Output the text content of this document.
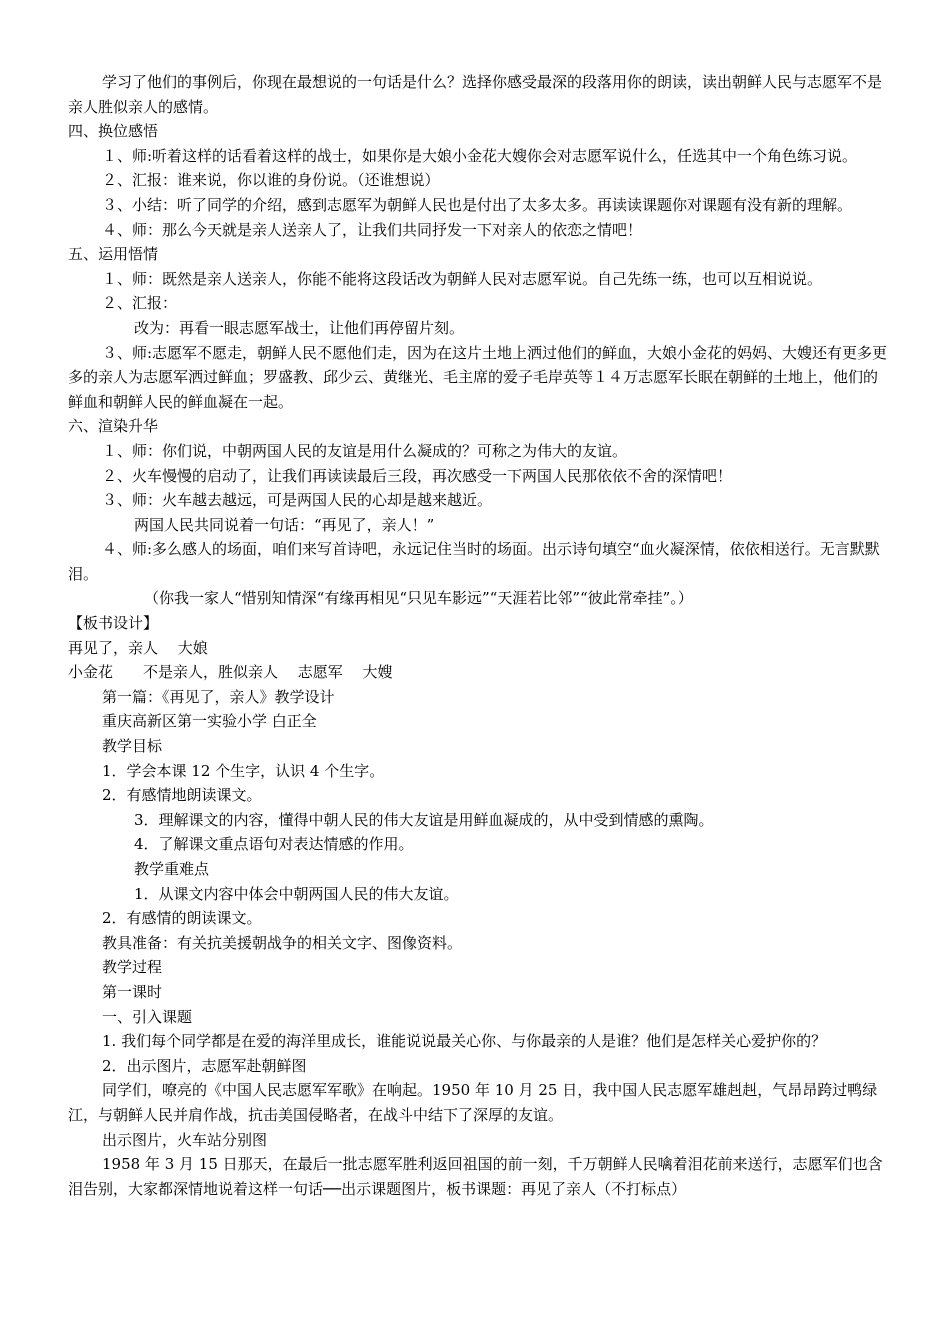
学习了他们的事例后，你现在最想说的一句话是什么？选择你感受最深的段落用你的朗读，读出朝鲜人民与志愿军不是亲人胜似亲人的感情。

四、换位感悟

１、师:听着这样的话看着这样的战士，如果你是大娘小金花大嫂你会对志愿军说什么，任选其中一个角色练习说。

２、汇报：谁来说，你以谁的身份说。（还谁想说）

３、小结：听了同学的介绍，感到志愿军为朝鲜人民也是付出了太多太多。再读读课题你对课题有没有新的理解。

４、师：那么今天就是亲人送亲人了，让我们共同抒发一下对亲人的依恋之情吧！

五、运用悟情

１、师：既然是亲人送亲人，你能不能将这段话改为朝鲜人民对志愿军说。自己先练一练，也可以互相说说。

２、汇报：

改为：再看一眼志愿军战士，让他们再停留片刻。

３、师:志愿军不愿走，朝鲜人民不愿他们走，因为在这片土地上洒过他们的鲜血，大娘小金花的妈妈、大嫂还有更多更多的亲人为志愿军洒过鲜血；罗盛教、邱少云、黄继光、毛主席的爱子毛岸英等１４万志愿军长眠在朝鲜的土地上，他们的鲜血和朝鲜人民的鲜血凝在一起。

六、渲染升华

１、师：你们说，中朝两国人民的友谊是用什么凝成的？可称之为伟大的友谊。

２、火车慢慢的启动了，让我们再读读最后三段，再次感受一下两国人民那依依不舍的深情吧！

３、师：火车越去越远，可是两国人民的心却是越来越近。

两国人民共同说着一句话：“再见了，亲人！”

４、师:多么感人的场面，咱们来写首诗吧，永远记住当时的场面。出示诗句填空“血火凝深情，依依相送行。无言默默泪。

（你我一家人“惜别知情深“有缘再相见“只见车影远”“天涯若比邻”“彼此常牵挂”。）

【板书设计】

再见了，亲人　 大娘

小金花　　不是亲人，胜似亲人　 志愿军　 大嫂

第一篇：《再见了，亲人》教学设计

重庆高新区第一实验小学 白正全

教学目标

1．学会本课 12 个生字，认识 4 个生字。

2．有感情地朗读课文。

3．理解课文的内容，懂得中朝人民的伟大友谊是用鲜血凝成的，从中受到情感的熏陶。

4．了解课文重点语句对表达情感的作用。

教学重难点

1．从课文内容中体会中朝两国人民的伟大友谊。

2．有感情的朗读课文。

教具准备：有关抗美援朝战争的相关文字、图像资料。

教学过程

第一课时

一、引入课题

1. 我们每个同学都是在爱的海洋里成长，谁能说说最关心你、与你最亲的人是谁？他们是怎样关心爱护你的？

2．出示图片，志愿军赴朝鲜图

同学们，嘹亮的《中国人民志愿军军歌》在响起。1950 年 10 月 25 日，我中国人民志愿军雄赳赳，气昂昂跨过鸭绿江，与朝鲜人民并肩作战，抗击美国侵略者，在战斗中结下了深厚的友谊。

出示图片，火车站分别图

1958 年 3 月 15 日那天，在最后一批志愿军胜利返回祖国的前一刻，千万朝鲜人民噙着泪花前来送行，志愿军们也含泪告别，大家都深情地说着这样一句话──出示课题图片，板书课题：再见了亲人（不打标点）
